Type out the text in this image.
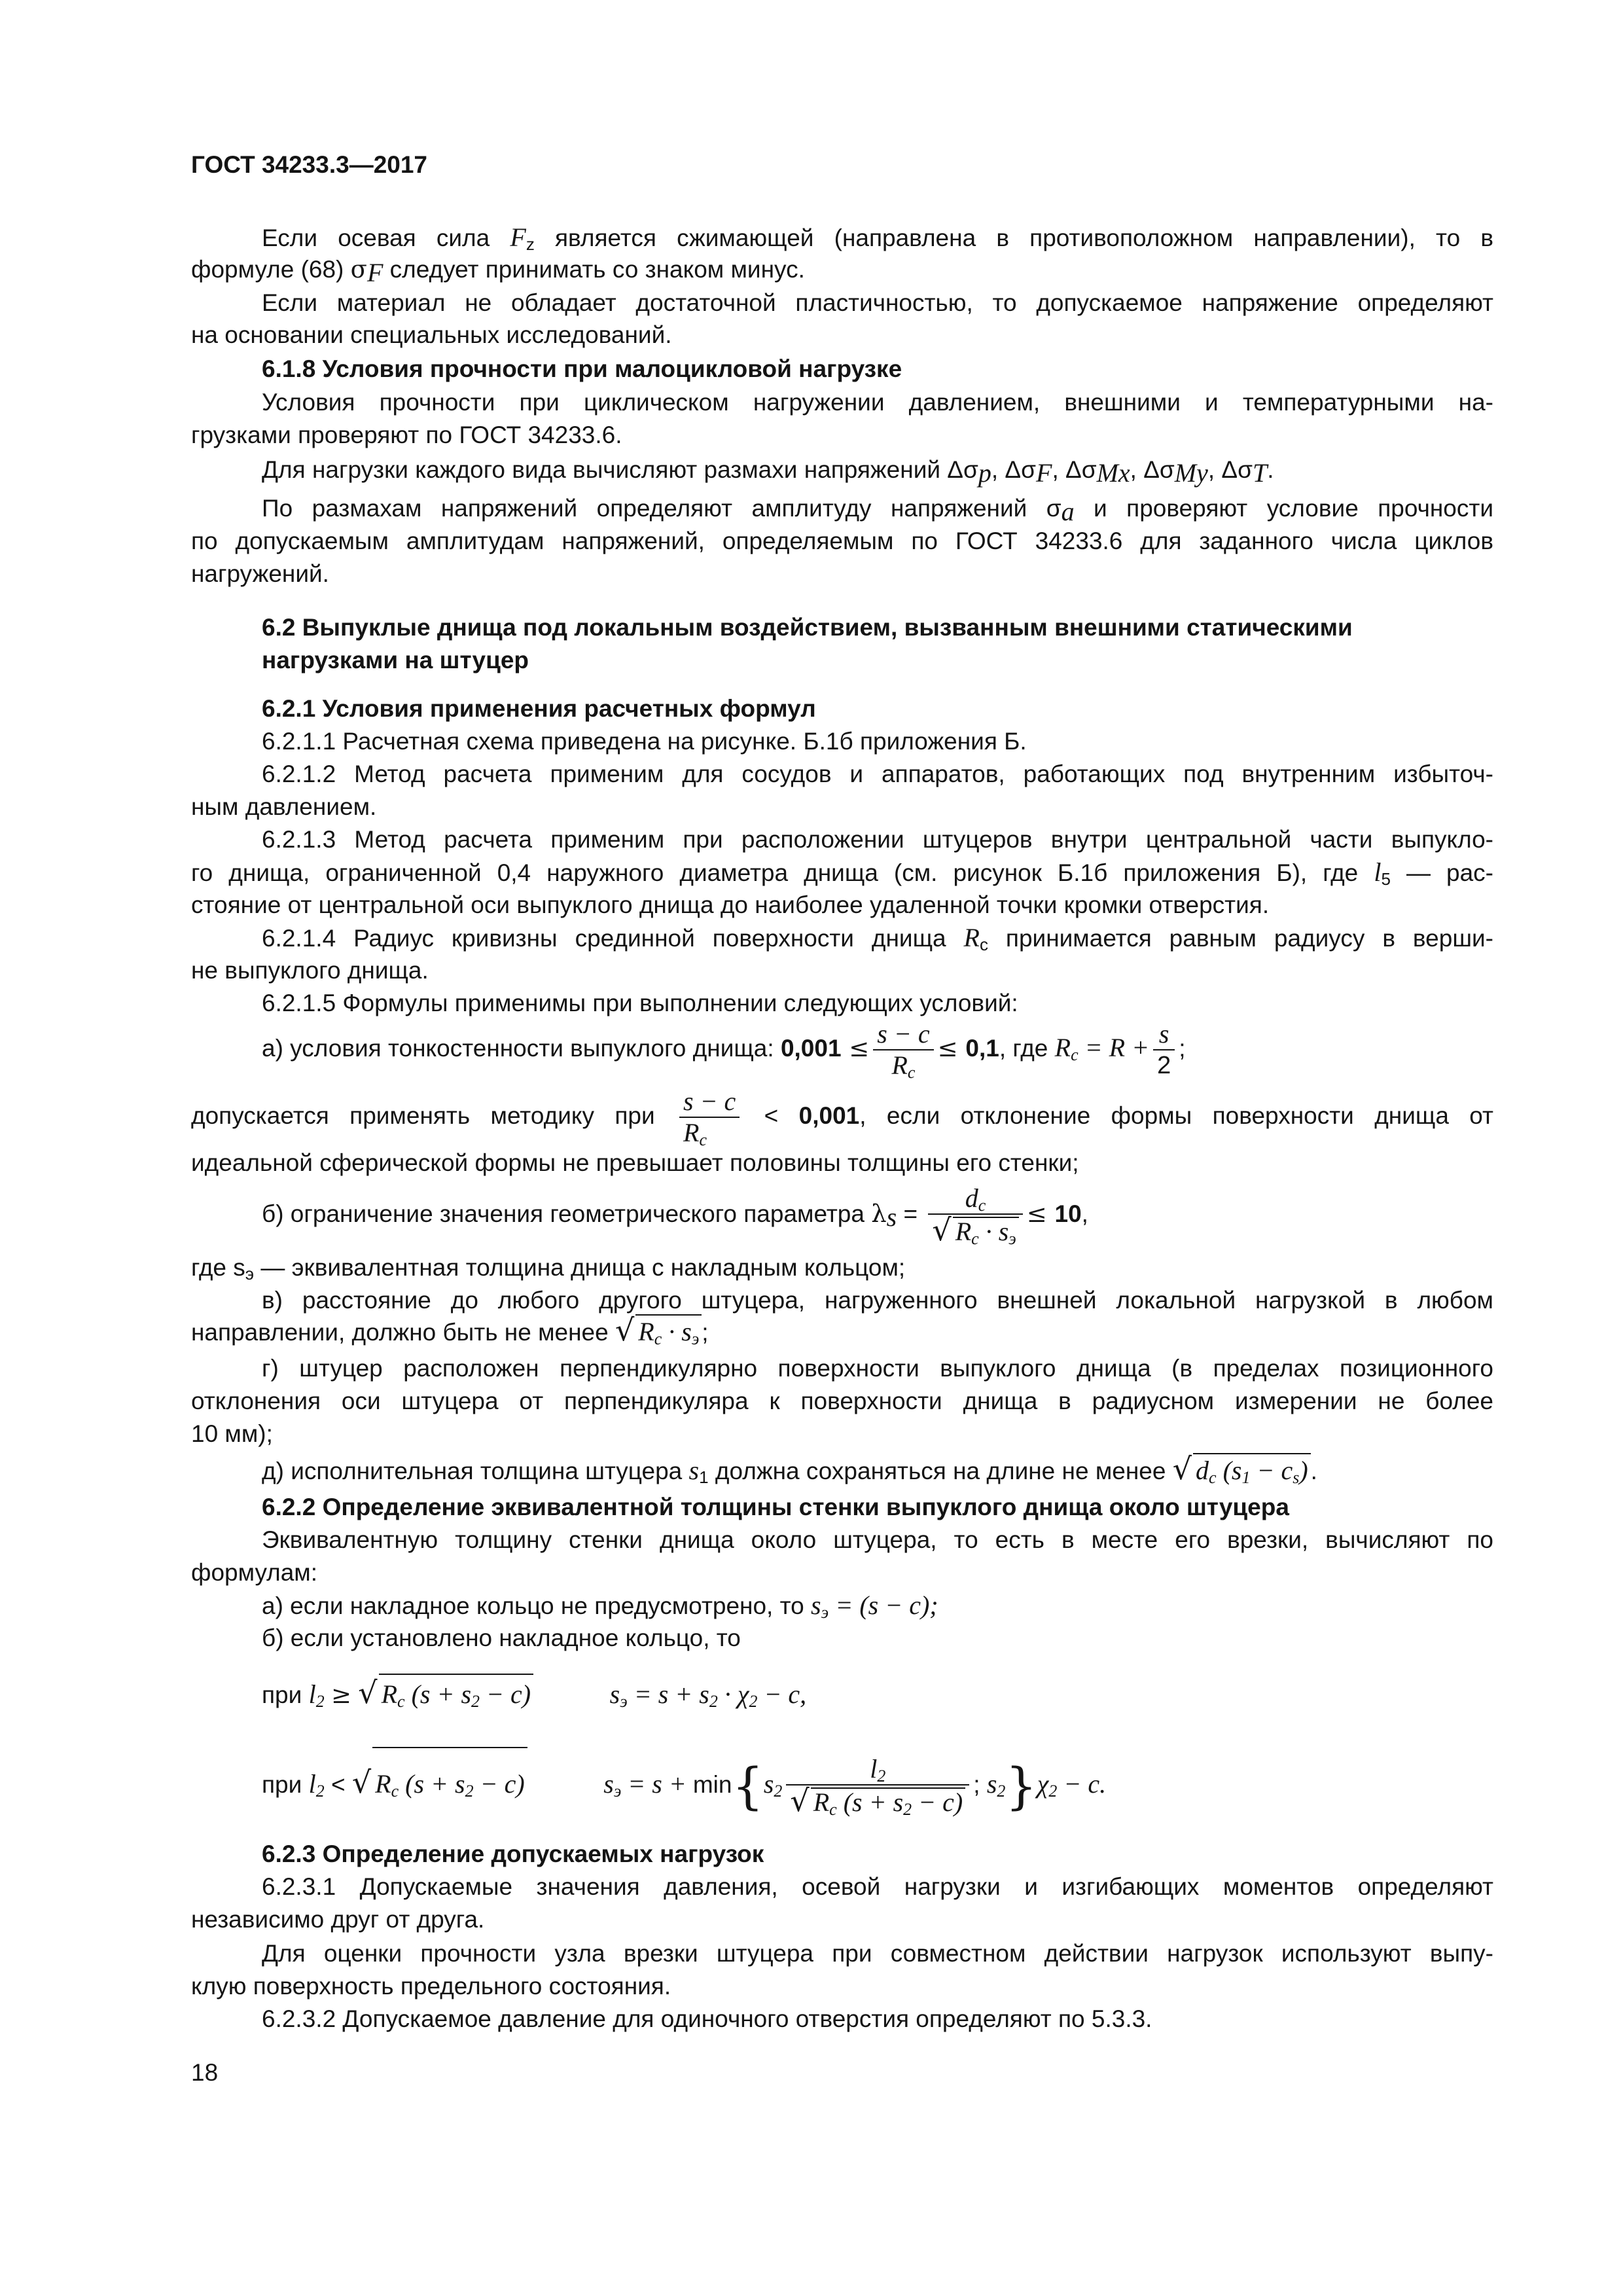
ГОСТ 34233.3—2017
Если осевая сила $F_z$ является сжимающей (направлена в противоположном направлении), то в
формуле (68) $\sigma_F$ следует принимать со знаком минус.
Если материал не обладает достаточной пластичностью, то допускаемое напряжение определяют
на основании специальных исследований.
6.1.8 Условия прочности при малоцикловой нагрузке
Условия прочности при циклическом нагружении давлением, внешними и температурными на-
грузками проверяют по ГОСТ 34233.6.
Для нагрузки каждого вида вычисляют размахи напряжений $\Delta\sigma_p$, $\Delta\sigma_F$, $\Delta\sigma_{Mx}$, $\Delta\sigma_{My}$, $\Delta\sigma_T$.
По размахам напряжений определяют амплитуду напряжений $\sigma_a$ и проверяют условие прочности
по допускаемым амплитудам напряжений, определяемым по ГОСТ 34233.6 для заданного числа циклов
нагружений.
6.2 Выпуклые днища под локальным воздействием, вызванным внешними статическими
нагрузками на штуцер
6.2.1 Условия применения расчетных формул
6.2.1.1 Расчетная схема приведена на рисунке. Б.1б приложения Б.
6.2.1.2 Метод расчета применим для сосудов и аппаратов, работающих под внутренним избыточ-
ным давлением.
6.2.1.3 Метод расчета применим при расположении штуцеров внутри центральной части выпукло-
го днища, ограниченной 0,4 наружного диаметра днища (см. рисунок Б.1б приложения Б), где $l_5$ — рас-
стояние от центральной оси выпуклого днища до наиболее удаленной точки кромки отверстия.
6.2.1.4 Радиус кривизны срединной поверхности днища $R_c$ принимается равным радиусу в верши-
не выпуклого днища.
6.2.1.5 Формулы применимы при выполнении следующих условий:
а) условия тонкостенности выпуклого днища: $0,001 \le \frac{s - c}{R_c} \le 0,1$, где $R_c = R + \frac{s}{2}$ ;
допускается применять методику при $\frac{s - c}{R_c} < 0,001$, если отклонение формы поверхности днища от
идеальной сферической формы не превышает половины толщины его стенки;
б) ограничение значения геометрического параметра $\lambda_s = \frac{d_c}{√ R_c \cdot s_э} \le 10$,
где $s_э$ — эквивалентная толщина днища с накладным кольцом;
в) расстояние до любого другого штуцера, нагруженного внешней локальной нагрузкой в любом
направлении, должно быть не менее √ $R_c \cdot s_э$ ;
г) штуцер расположен перпендикулярно поверхности выпуклого днища (в пределах позиционного
отклонения оси штуцера от перпендикуляра к поверхности днища в радиусном измерении не более
10 мм);
д) исполнительная толщина штуцера $s_1$ должна сохраняться на длине не менее √ $d_c$ $(s_1 - c_s)$ .
6.2.2 Определение эквивалентной толщины стенки выпуклого днища около штуцера
Эквивалентную толщину стенки днища около штуцера, то есть в месте его врезки, вычисляют по
формулам:
а) если накладное кольцо не предусмотрено, то $s_э = (s - c)$;
б) если установлено накладное кольцо, то
при $l_2$ ≥ √ $R_c$ $(s + s_2 - c)$	$s_э = s + s_2 \cdot \chi_2 - c$,
при $l_2$ < √ $R_c$ $(s + s_2 - c)$	$s_э = s + \min\{s_2 \frac{l_2}{√ R_c (s + s_2 - c)}$ ; $s_2\}\chi_2 - c$.
6.2.3 Определение допускаемых нагрузок
6.2.3.1 Допускаемые значения давления, осевой нагрузки и изгибающих моментов определяют
независимо друг от друга.
Для оценки прочности узла врезки штуцера при совместном действии нагрузок используют выпу-
клую поверхность предельного состояния.
6.2.3.2 Допускаемое давление для одиночного отверстия определяют по 5.3.3.
18
